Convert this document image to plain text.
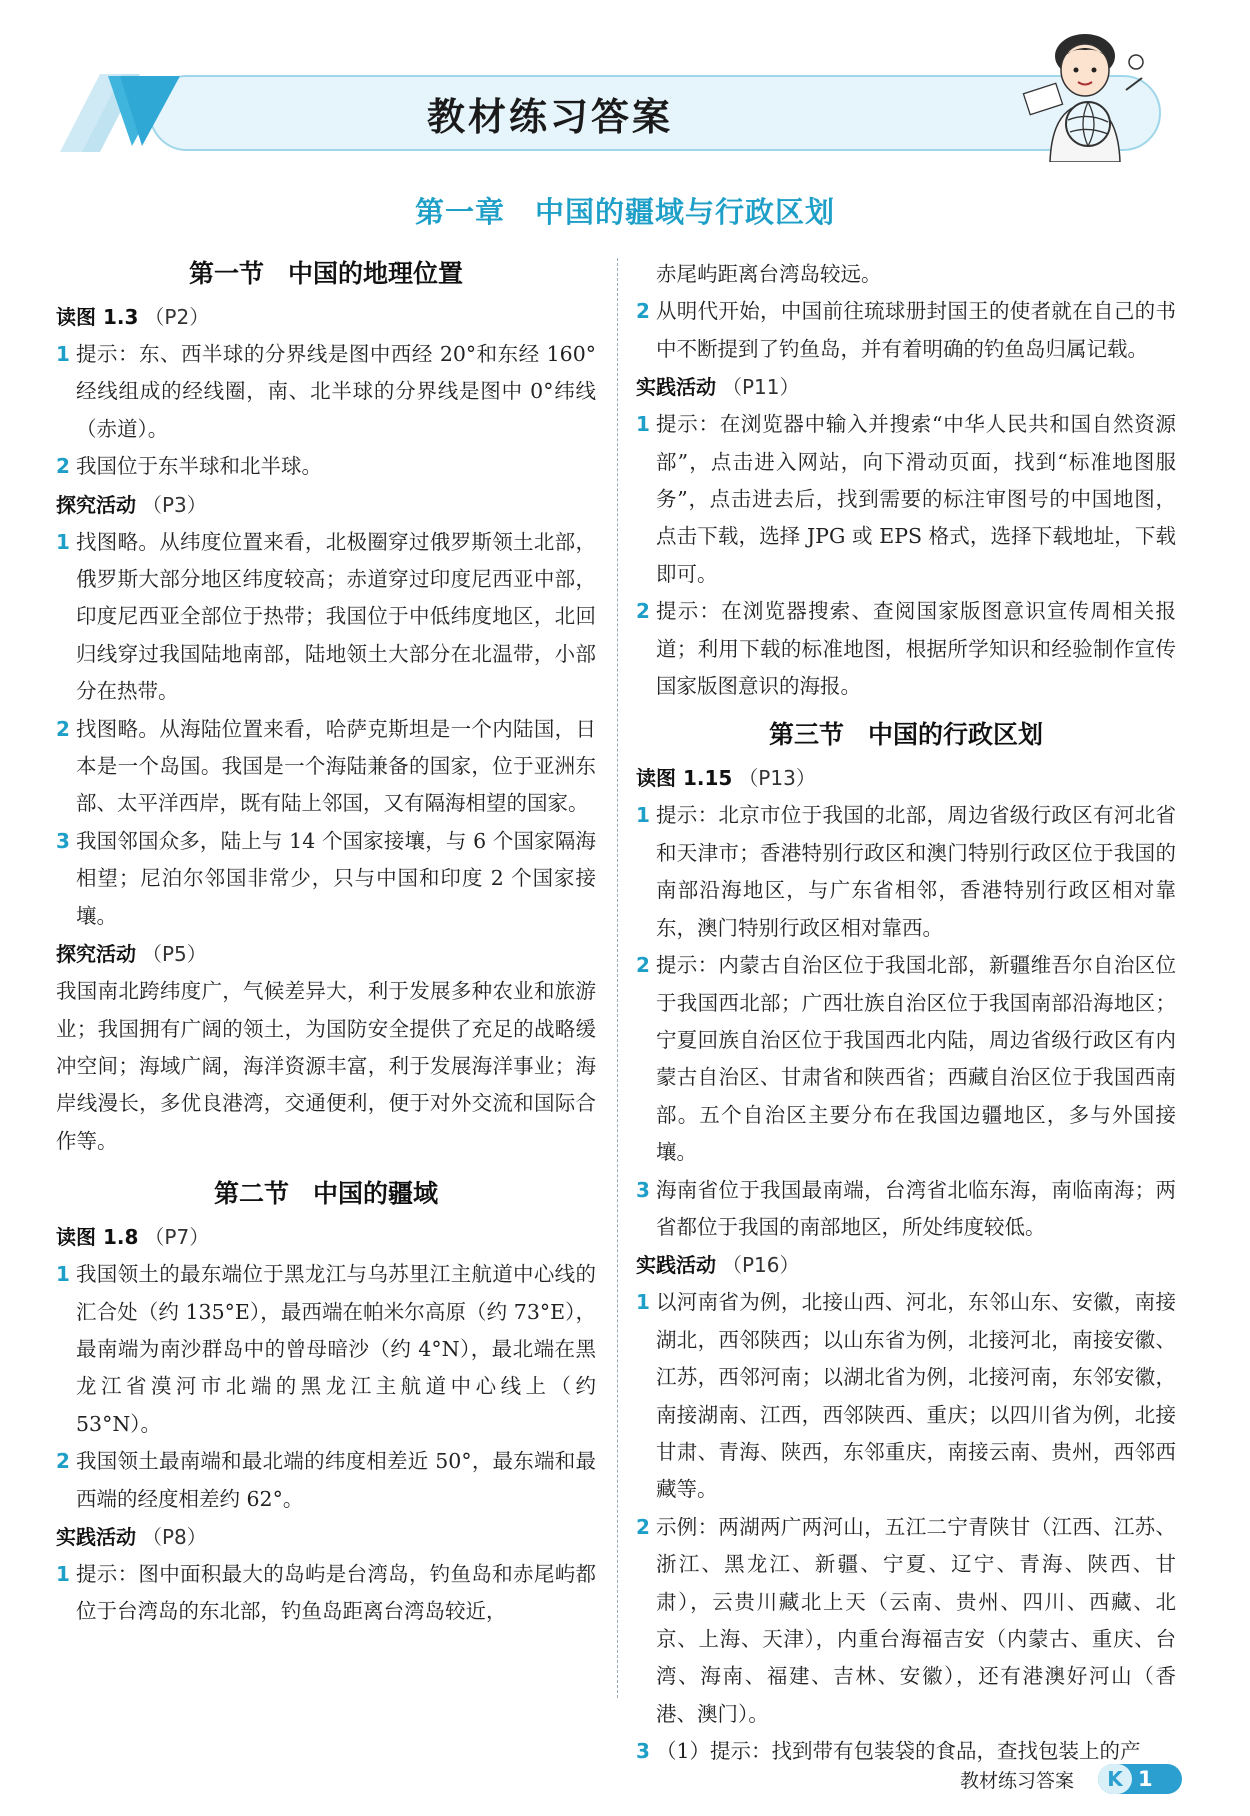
教材练习答案
第一章 中国的疆域与行政区划
第一节 中国的地理位置
读图 1.3 （P2）
1 提示：东、西半球的分界线是图中西经 20°和东经 160°经线组成的经线圈，南、北半球的分界线是图中 0°纬线（赤道）。
2 我国位于东半球和北半球。
探究活动 （P3）
1 找图略。从纬度位置来看，北极圈穿过俄罗斯领土北部，俄罗斯大部分地区纬度较高；赤道穿过印度尼西亚中部，印度尼西亚全部位于热带；我国位于中低纬度地区，北回归线穿过我国陆地南部，陆地领土大部分在北温带，小部分在热带。
2 找图略。从海陆位置来看，哈萨克斯坦是一个内陆国，日本是一个岛国。我国是一个海陆兼备的国家，位于亚洲东部、太平洋西岸，既有陆上邻国，又有隔海相望的国家。
3 我国邻国众多，陆上与 14 个国家接壤，与 6 个国家隔海相望；尼泊尔邻国非常少，只与中国和印度 2 个国家接壤。
探究活动 （P5）
我国南北跨纬度广，气候差异大，利于发展多种农业和旅游业；我国拥有广阔的领土，为国防安全提供了充足的战略缓冲空间；海域广阔，海洋资源丰富，利于发展海洋事业；海岸线漫长，多优良港湾，交通便利，便于对外交流和国际合作等。
第二节 中国的疆域
读图 1.8 （P7）
1 我国领土的最东端位于黑龙江与乌苏里江主航道中心线的汇合处（约 135°E），最西端在帕米尔高原（约 73°E），最南端为南沙群岛中的曾母暗沙（约 4°N），最北端在黑龙江省漠河市北端的黑龙江主航道中心线上（约 53°N）。
2 我国领土最南端和最北端的纬度相差近 50°，最东端和最西端的经度相差约 62°。
实践活动 （P8）
1 提示：图中面积最大的岛屿是台湾岛，钓鱼岛和赤尾屿都位于台湾岛的东北部，钓鱼岛距离台湾岛较近，
赤尾屿距离台湾岛较远。
2 从明代开始，中国前往琉球册封国王的使者就在自己的书中不断提到了钓鱼岛，并有着明确的钓鱼岛归属记载。
实践活动 （P11）
1 提示：在浏览器中输入并搜索“中华人民共和国自然资源部”，点击进入网站，向下滑动页面，找到“标准地图服务”，点击进去后，找到需要的标注审图号的中国地图，点击下载，选择 JPG 或 EPS 格式，选择下载地址，下载即可。
2 提示：在浏览器搜索、查阅国家版图意识宣传周相关报道；利用下载的标准地图，根据所学知识和经验制作宣传国家版图意识的海报。
第三节 中国的行政区划
读图 1.15 （P13）
1 提示：北京市位于我国的北部，周边省级行政区有河北省和天津市；香港特别行政区和澳门特别行政区位于我国的南部沿海地区，与广东省相邻，香港特别行政区相对靠东，澳门特别行政区相对靠西。
2 提示：内蒙古自治区位于我国北部，新疆维吾尔自治区位于我国西北部；广西壮族自治区位于我国南部沿海地区；宁夏回族自治区位于我国西北内陆，周边省级行政区有内蒙古自治区、甘肃省和陕西省；西藏自治区位于我国西南部。五个自治区主要分布在我国边疆地区，多与外国接壤。
3 海南省位于我国最南端，台湾省北临东海，南临南海；两省都位于我国的南部地区，所处纬度较低。
实践活动 （P16）
1 以河南省为例，北接山西、河北，东邻山东、安徽，南接湖北，西邻陕西；以山东省为例，北接河北，南接安徽、江苏，西邻河南；以湖北省为例，北接河南，东邻安徽，南接湖南、江西，西邻陕西、重庆；以四川省为例，北接甘肃、青海、陕西，东邻重庆，南接云南、贵州，西邻西藏等。
2 示例：两湖两广两河山，五江二宁青陕甘（江西、江苏、浙江、黑龙江、新疆、宁夏、辽宁、青海、陕西、甘肃），云贵川藏北上天（云南、贵州、四川、西藏、北京、上海、天津），内重台海福吉安（内蒙古、重庆、台湾、海南、福建、吉林、安徽），还有港澳好河山（香港、澳门）。
3 （1）提示：找到带有包装袋的食品，查找包装上的产
教材练习答案	K 1
